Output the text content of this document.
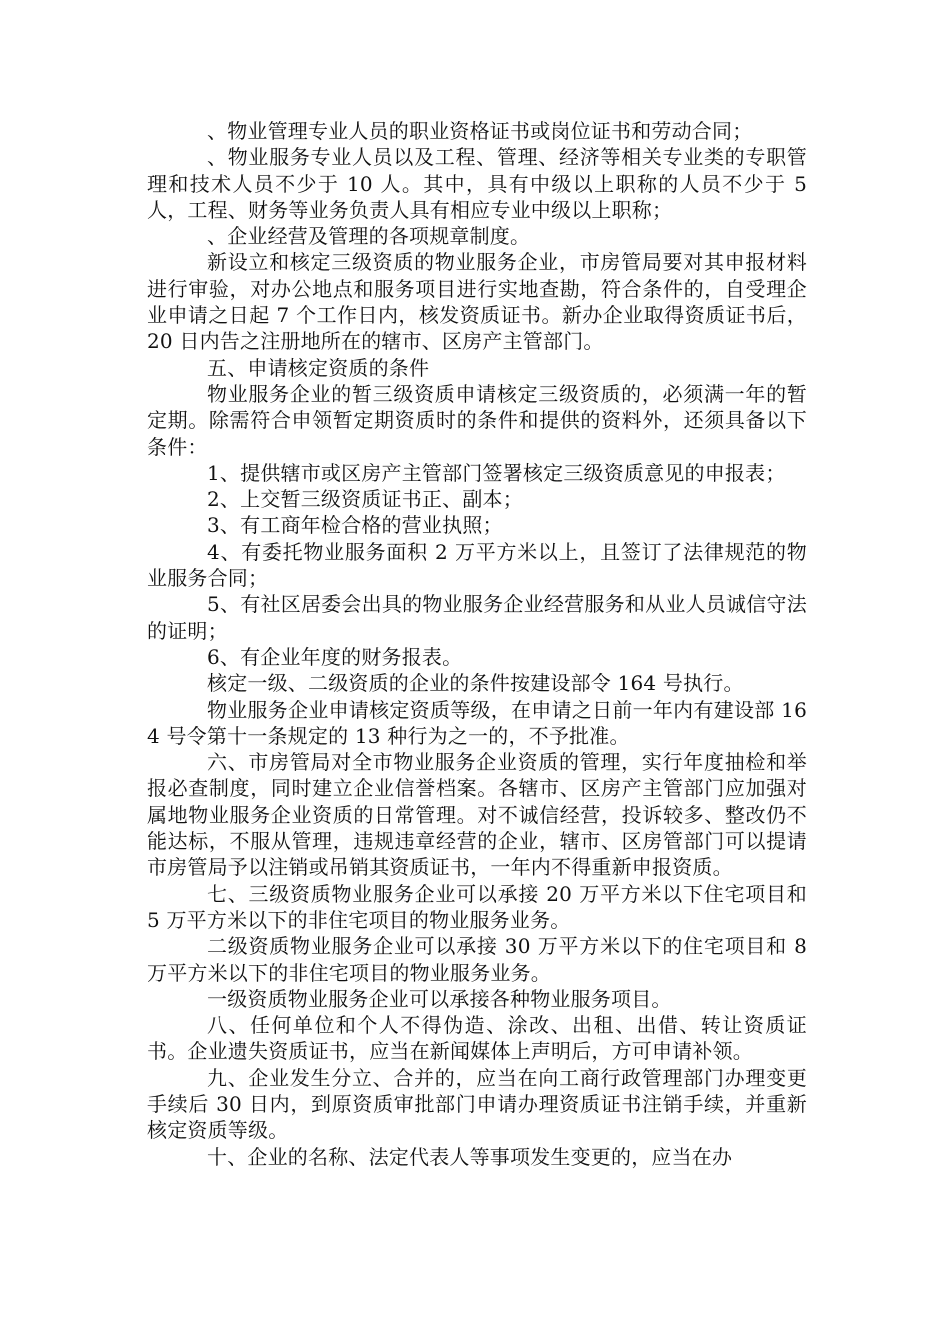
、物业管理专业人员的职业资格证书或岗位证书和劳动合同；

、物业服务专业人员以及工程、管理、经济等相关专业类的专职管理和技术人员不少于 10 人。其中，具有中级以上职称的人员不少于 5 人，工程、财务等业务负责人具有相应专业中级以上职称；

、企业经营及管理的各项规章制度。

新设立和核定三级资质的物业服务企业，市房管局要对其申报材料进行审验，对办公地点和服务项目进行实地查勘，符合条件的，自受理企业申请之日起 7 个工作日内，核发资质证书。新办企业取得资质证书后，20 日内告之注册地所在的辖市、区房产主管部门。

五、申请核定资质的条件

物业服务企业的暂三级资质申请核定三级资质的，必须满一年的暂定期。除需符合申领暂定期资质时的条件和提供的资料外，还须具备以下条件：

1、提供辖市或区房产主管部门签署核定三级资质意见的申报表；

2、上交暂三级资质证书正、副本；

3、有工商年检合格的营业执照；

4、有委托物业服务面积 2 万平方米以上，且签订了法律规范的物业服务合同；

5、有社区居委会出具的物业服务企业经营服务和从业人员诚信守法的证明；

6、有企业年度的财务报表。

核定一级、二级资质的企业的条件按建设部令 164 号执行。

物业服务企业申请核定资质等级，在申请之日前一年内有建设部 164 号令第十一条规定的 13 种行为之一的，不予批准。

六、市房管局对全市物业服务企业资质的管理，实行年度抽检和举报必查制度，同时建立企业信誉档案。各辖市、区房产主管部门应加强对属地物业服务企业资质的日常管理。对不诚信经营，投诉较多、整改仍不能达标，不服从管理，违规违章经营的企业，辖市、区房管部门可以提请市房管局予以注销或吊销其资质证书，一年内不得重新申报资质。

七、三级资质物业服务企业可以承接 20 万平方米以下住宅项目和 5 万平方米以下的非住宅项目的物业服务业务。

二级资质物业服务企业可以承接 30 万平方米以下的住宅项目和 8 万平方米以下的非住宅项目的物业服务业务。

一级资质物业服务企业可以承接各种物业服务项目。

八、任何单位和个人不得伪造、涂改、出租、出借、转让资质证书。企业遗失资质证书，应当在新闻媒体上声明后，方可申请补领。

九、企业发生分立、合并的，应当在向工商行政管理部门办理变更手续后 30 日内，到原资质审批部门申请办理资质证书注销手续，并重新核定资质等级。

十、企业的名称、法定代表人等事项发生变更的，应当在办
